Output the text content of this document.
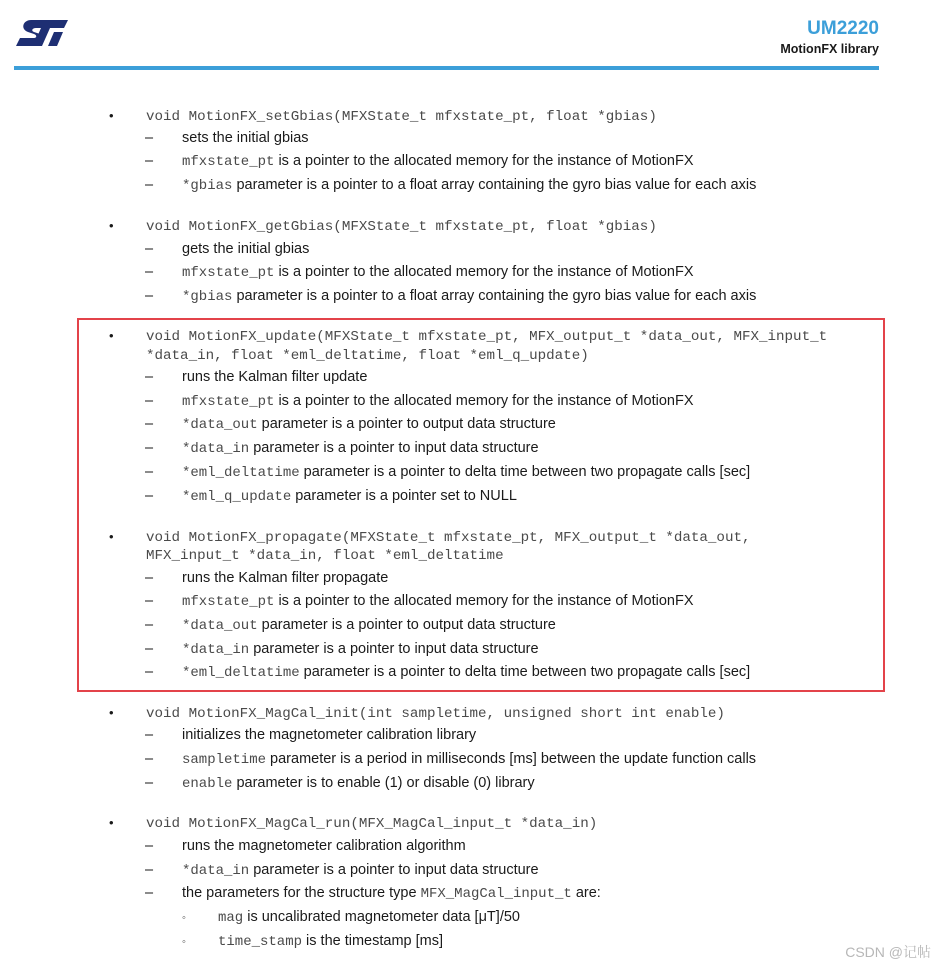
UM2220
MotionFX library
• void MotionFX_setGbias(MFXState_t mfxstate_pt, float *gbias)
– sets the initial gbias
– mfxstate_pt is a pointer to the allocated memory for the instance of MotionFX
– *gbias parameter is a pointer to a float array containing the gyro bias value for each axis
• void MotionFX_getGbias(MFXState_t mfxstate_pt, float *gbias)
– gets the initial gbias
– mfxstate_pt is a pointer to the allocated memory for the instance of MotionFX
– *gbias parameter is a pointer to a float array containing the gyro bias value for each axis
• void MotionFX_update(MFXState_t mfxstate_pt, MFX_output_t *data_out, MFX_input_t
*data_in, float *eml_deltatime, float *eml_q_update)
– runs the Kalman filter update
– mfxstate_pt is a pointer to the allocated memory for the instance of MotionFX
– *data_out parameter is a pointer to output data structure
– *data_in parameter is a pointer to input data structure
– *eml_deltatime parameter is a pointer to delta time between two propagate calls [sec]
– *eml_q_update parameter is a pointer set to NULL
• void MotionFX_propagate(MFXState_t mfxstate_pt, MFX_output_t *data_out,
MFX_input_t *data_in, float *eml_deltatime
– runs the Kalman filter propagate
– mfxstate_pt is a pointer to the allocated memory for the instance of MotionFX
– *data_out parameter is a pointer to output data structure
– *data_in parameter is a pointer to input data structure
– *eml_deltatime parameter is a pointer to delta time between two propagate calls [sec]
• void MotionFX_MagCal_init(int sampletime, unsigned short int enable)
– initializes the magnetometer calibration library
– sampletime parameter is a period in milliseconds [ms] between the update function calls
– enable parameter is to enable (1) or disable (0) library
• void MotionFX_MagCal_run(MFX_MagCal_input_t *data_in)
– runs the magnetometer calibration algorithm
– *data_in parameter is a pointer to input data structure
– the parameters for the structure type MFX_MagCal_input_t are:
◦ mag is uncalibrated magnetometer data [μT]/50
◦ time_stamp is the timestamp [ms]
CSDN @记帖
